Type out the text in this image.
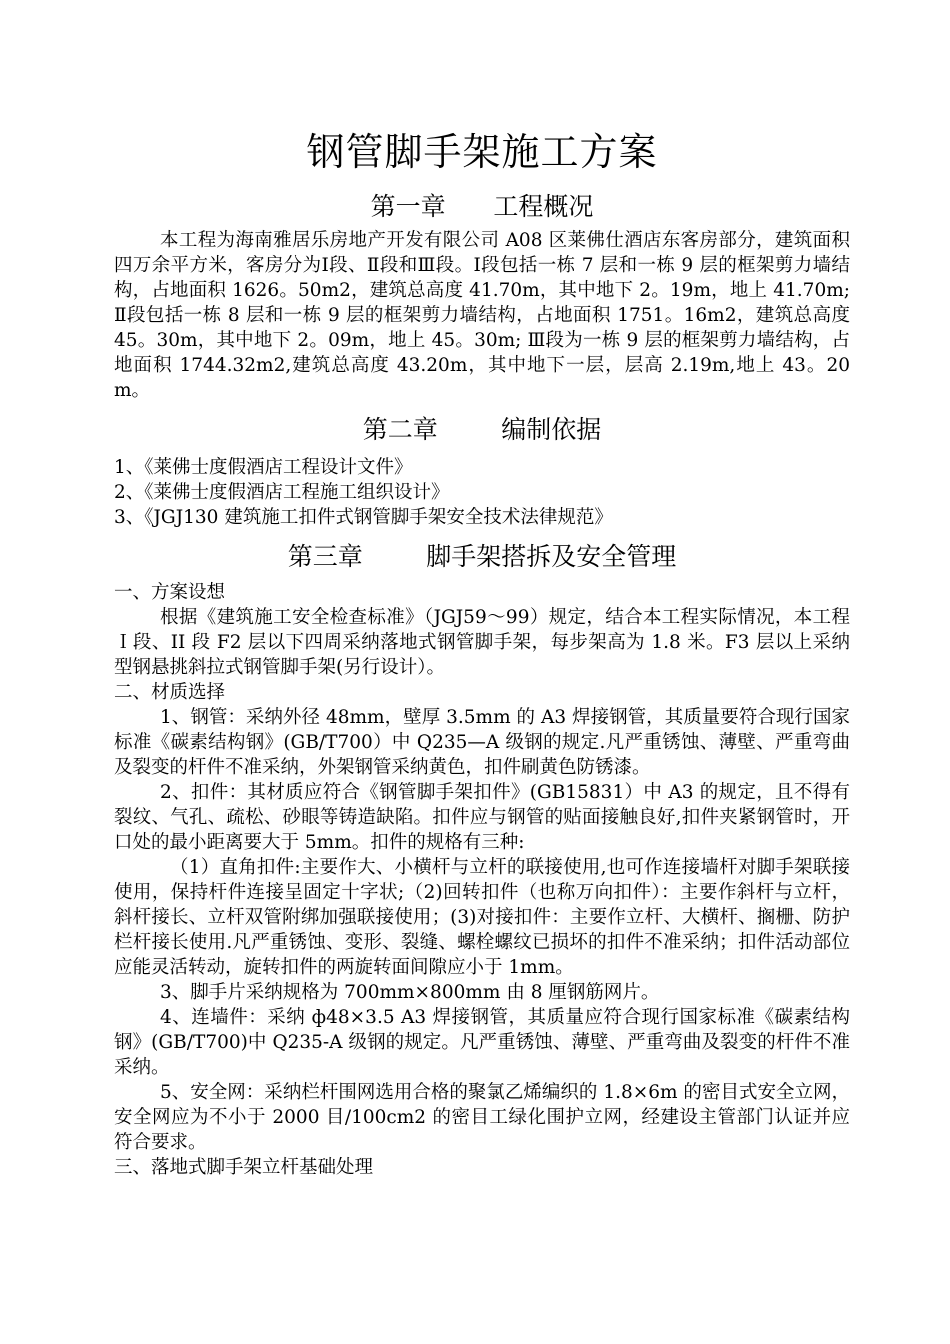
钢管脚手架施工方案
第一章      工程概况

本工程为海南雅居乐房地产开发有限公司 A08 区莱佛仕酒店东客房部分，建筑面积四万余平方米，客房分为Ⅰ段、Ⅱ段和Ⅲ段。Ⅰ段包括一栋 7 层和一栋 9 层的框架剪力墙结构，占地面积 1626。50m2，建筑总高度 41.70m，其中地下 2。19m，地上 41.70m; Ⅱ段包括一栋 8 层和一栋 9 层的框架剪力墙结构，占地面积 1751。16m2，建筑总高度 45。30m，其中地下 2。09m，地上 45。30m; Ⅲ段为一栋 9 层的框架剪力墙结构，占地面积 1744.32m2,建筑总高度 43.20m，其中地下一层，层高 2.19m,地上 43。20m。

第二章        编制依据

1、《莱佛士度假酒店工程设计文件》

2、《莱佛士度假酒店工程施工组织设计》

3、《JGJ130 建筑施工扣件式钢管脚手架安全技术法律规范》

第三章        脚手架搭拆及安全管理

一、方案设想

根据《建筑施工安全检查标准》（JGJ59～99）规定，结合本工程实际情况，本工程Ｉ段、II 段 F2 层以下四周采纳落地式钢管脚手架，每步架高为 1.8 米。F3 层以上采纳型钢悬挑斜拉式钢管脚手架(另行设计）。

二、材质选择

1、钢管：采纳外径 48mm，壁厚 3.5mm 的 A3 焊接钢管，其质量要符合现行国家标准《碳素结构钢》(GB/T700）中 Q235—A 级钢的规定.凡严重锈蚀、薄壁、严重弯曲及裂变的杆件不准采纳，外架钢管采纳黄色，扣件刷黄色防锈漆。

2、扣件：其材质应符合《钢管脚手架扣件》(GB15831）中 A3 的规定，且不得有裂纹、气孔、疏松、砂眼等铸造缺陷。扣件应与钢管的贴面接触良好,扣件夹紧钢管时，开口处的最小距离要大于 5mm。扣件的规格有三种:

（1）直角扣件:主要作大、小横杆与立杆的联接使用,也可作连接墙杆对脚手架联接使用，保持杆件连接呈固定十字状;（2)回转扣件（也称万向扣件）：主要作斜杆与立杆，斜杆接长、立杆双管附绑加强联接使用；(3)对接扣件：主要作立杆、大横杆、搁栅、防护栏杆接长使用.凡严重锈蚀、变形、裂缝、螺栓螺纹已损坏的扣件不准采纳；扣件活动部位应能灵活转动，旋转扣件的两旋转面间隙应小于 1mm。

3、脚手片采纳规格为 700mm×800mm 由 8 厘钢筋网片。

4、连墙件：采纳 ф48×3.5 A3 焊接钢管，其质量应符合现行国家标准《碳素结构钢》(GB/T700)中 Q235-A 级钢的规定。凡严重锈蚀、薄壁、严重弯曲及裂变的杆件不准采纳。

5、安全网：采纳栏杆围网选用合格的聚氯乙烯编织的 1.8×6m 的密目式安全立网，安全网应为不小于 2000 目/100cm2 的密目工绿化围护立网，经建设主管部门认证并应符合要求。

三、落地式脚手架立杆基础处理
